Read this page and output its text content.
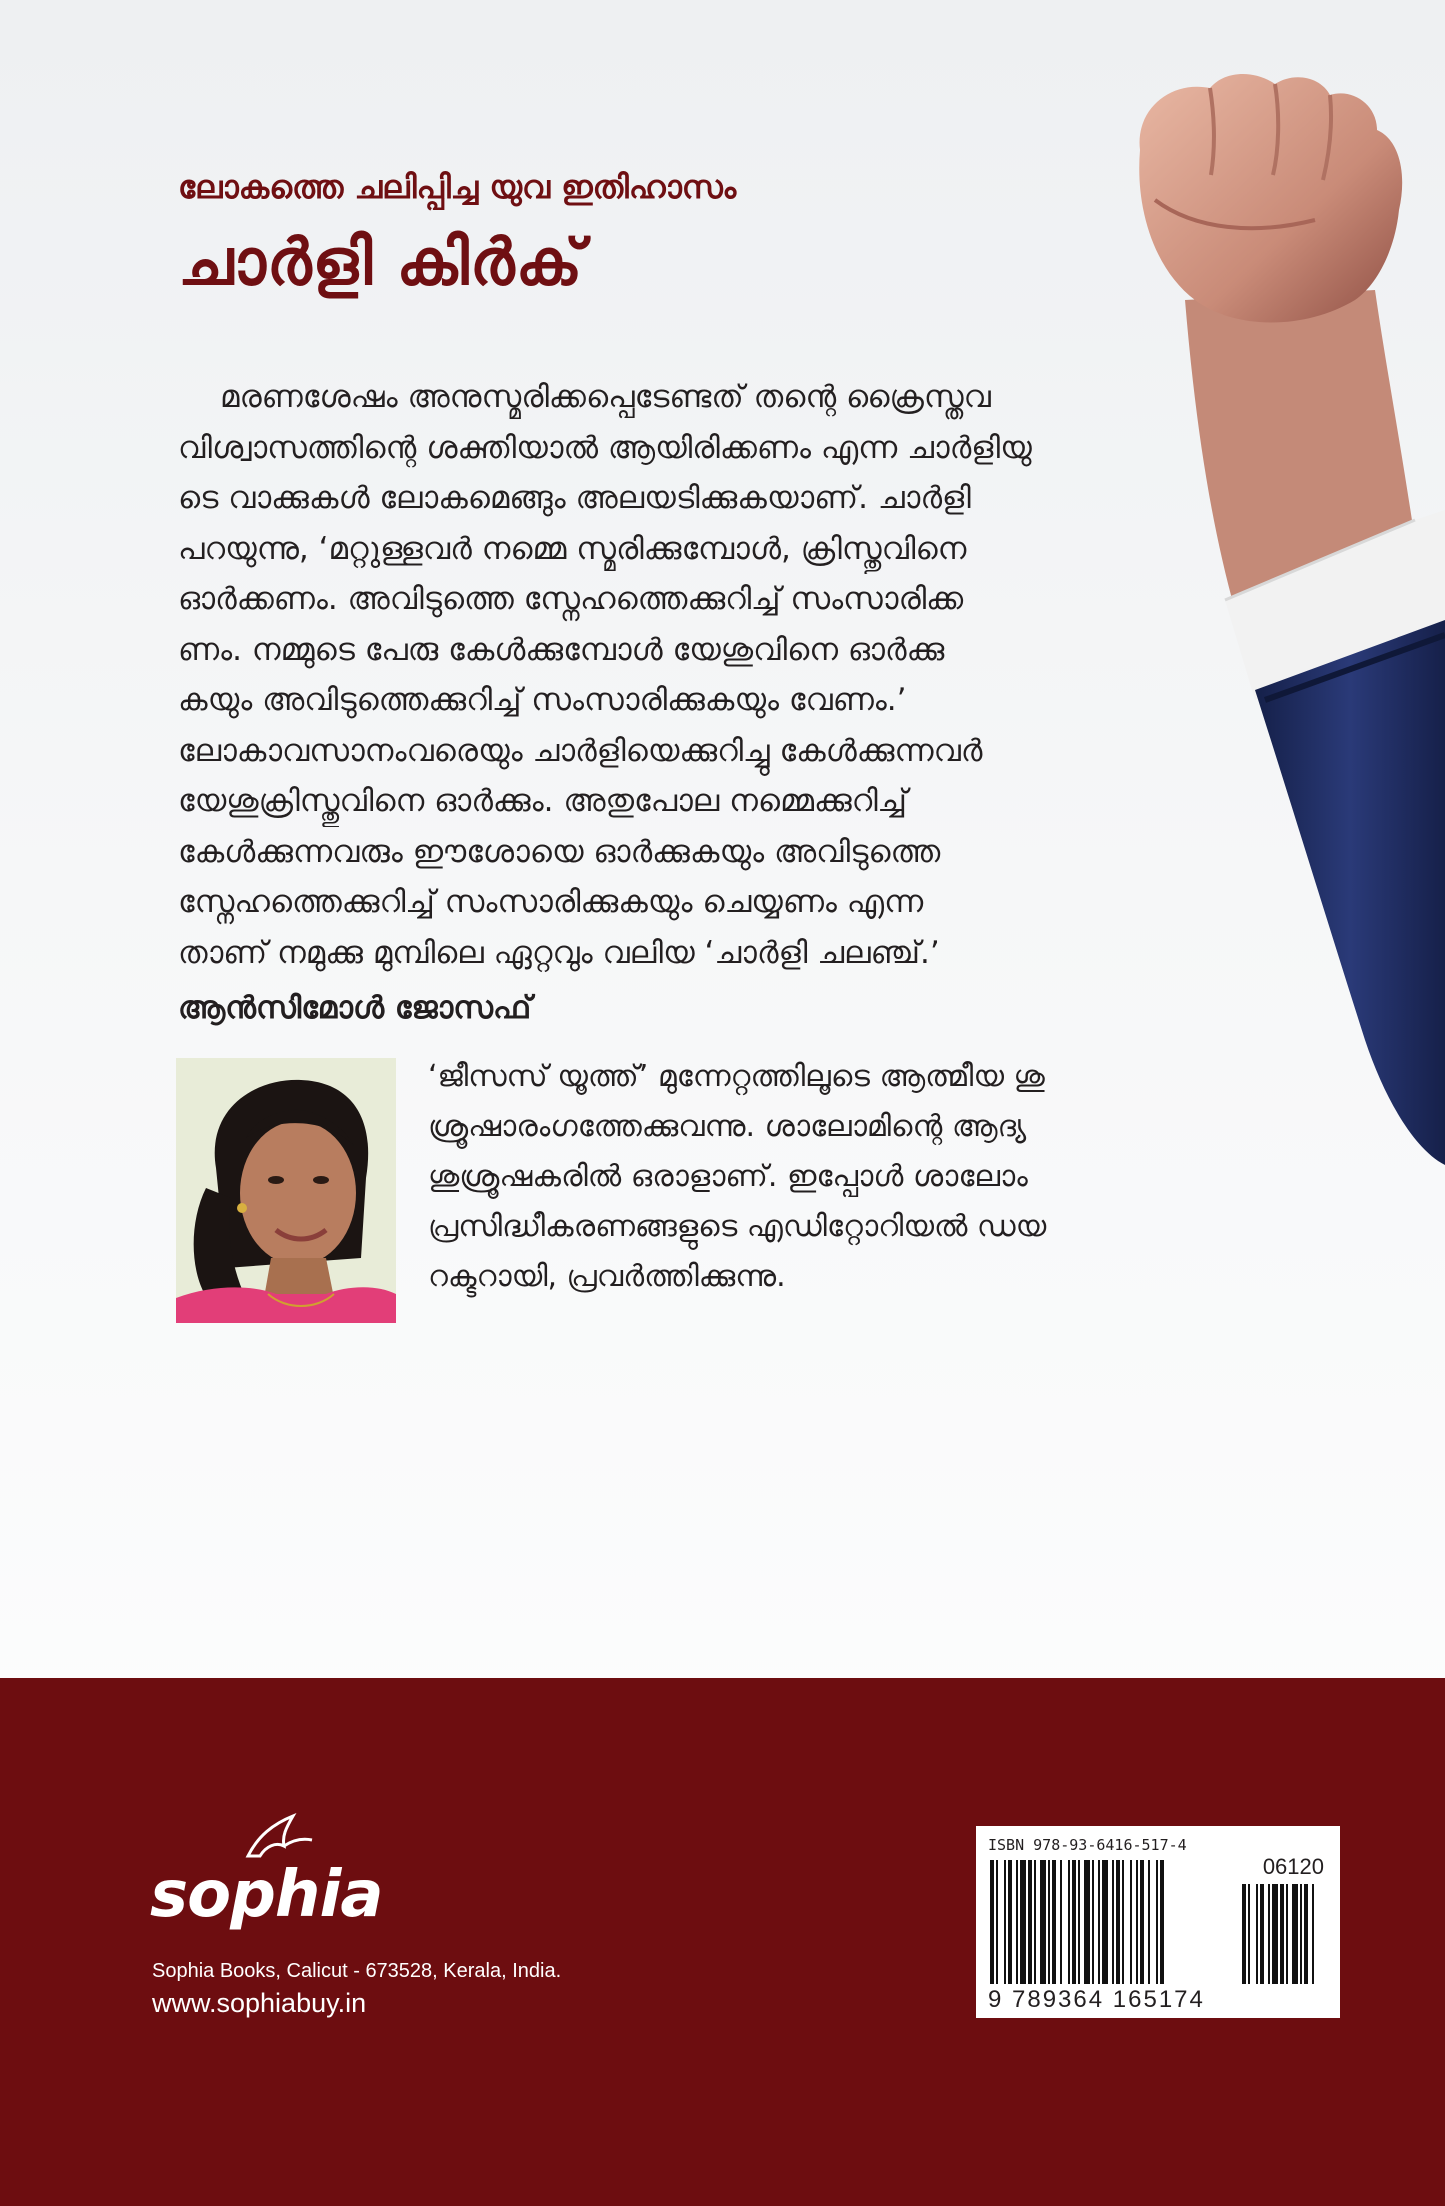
ലോകത്തെ ചലിപ്പിച്ച യുവ ഇതിഹാസം
ചാർളി കിർക്

മരണശേഷം അനുസ്മരിക്കപ്പെടേണ്ടത് തന്റെ ക്രൈസ്തവ
വിശ്വാസത്തിന്റെ ശക്തിയാൽ ആയിരിക്കണം എന്ന ചാർളിയു
ടെ വാക്കുകൾ ലോകമെങ്ങും അലയടിക്കുകയാണ്. ചാർളി
പറയുന്നു, ‘മറ്റുള്ളവർ നമ്മെ സ്മരിക്കുമ്പോൾ, ക്രിസ്തുവിനെ
ഓർക്കണം. അവിടുത്തെ സ്നേഹത്തെക്കുറിച്ച് സംസാരിക്ക
ണം. നമ്മുടെ പേരു കേൾക്കുമ്പോൾ യേശുവിനെ ഓർക്കു
കയും അവിടുത്തെക്കുറിച്ച് സംസാരിക്കുകയും വേണം.’
ലോകാവസാനംവരെയും ചാർളിയെക്കുറിച്ചു കേൾക്കുന്നവർ
യേശുക്രിസ്തുവിനെ ഓർക്കും. അതുപോല നമ്മെക്കുറിച്ച്
കേൾക്കുന്നവരും ഈശോയെ ഓർക്കുകയും അവിടുത്തെ
സ്നേഹത്തെക്കുറിച്ച് സംസാരിക്കുകയും ചെയ്യണം എന്ന
താണ് നമുക്കു മുമ്പിലെ ഏറ്റവും വലിയ ‘ചാർളി ചലഞ്ച്.’

ആൻസിമോൾ ജോസഫ്

‘ജീസസ് യൂത്ത്’ മുന്നേറ്റത്തിലൂടെ ആത്മീയ ശു
ശ്രൂഷാരംഗത്തേക്കുവന്നു. ശാലോമിന്റെ ആദ്യ
ശുശ്രൂഷകരിൽ ഒരാളാണ്. ഇപ്പോൾ ശാലോം
പ്രസിദ്ധീകരണങ്ങളുടെ എഡിറ്റോറിയൽ ഡയ
റക്ടറായി, പ്രവർത്തിക്കുന്നു.

sophia
Sophia Books, Calicut - 673528, Kerala, India.
www.sophiabuy.in
ISBN 978-93-6416-517-4
06120
9 789364 165174
